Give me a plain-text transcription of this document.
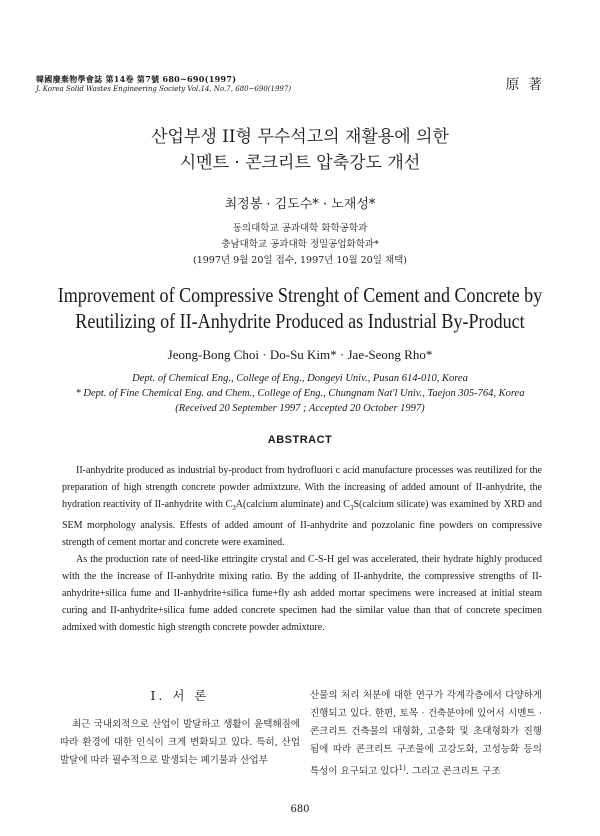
韓國廢棄物學會誌 第14卷 第7號 680~690(1997)
J. Korea Solid Wastes Engineering Society Vol.14, No.7, 680~690(1997)	原 著
산업부생 II형 무수석고의 재활용에 의한
시멘트 · 콘크리트 압축강도 개선
최정봉 · 김도수* · 노재성*
동의대학교 공과대학 화학공학과
충남대학교 공과대학 정밀공업화학과*
(1997년 9월 20일 접수, 1997년 10월 20일 채택)
Improvement of Compressive Strenght of Cement and Concrete by
Reutilizing of II-Anhydrite Produced as Industrial By-Product
Jeong-Bong Choi · Do-Su Kim* · Jae-Seong Rho*
Dept. of Chemical Eng., College of Eng., Dongeyi Univ., Pusan 614-010, Korea
* Dept. of Fine Chemical Eng. and Chem., College of Eng., Chungnam Nat'l Univ., Taejon 305-764, Korea
(Received 20 September 1997 ; Accepted 20 October 1997)
ABSTRACT

II-anhydrite produced as industrial by-product from hydrofluori c acid manufacture processes was reutilized for the preparation of high strength concrete powder admixtzure. With the increasing of added amount of II-anhydrite, the hydration reactivity of II-anhydrite with $C_3A(calcium$ aluminate) and $C_3S(calcium$ silicate) was examined by XRD and SEM morphology analysis. Effests of added amount of II-anhydrite and pozzolanic fine powders on compressive strength of cement mortar and concrete were examined.

As the production rate of need-like ettringite crystal and C-S-H gel was accelerated, their hydrate highly produced with the the increase of II-anhydrite mixing ratio. By the adding of II-anhydrite, the compressive strengths of II-anhydrite+silica fume and II-anhydrite+silica fume+fly ash added mortar specimens were increased at initial steam curing and II-anhydrite+silica fume added concrete specimen had the similar value than that of concrete specimen admixed with domestic high strength concrete powder admixture.

I. 서 론

최근 국내외적으로 산업이 발달하고 생활이 윤택해짐에 따라 환경에 대한 인식이 크게 변화되고 있다. 특히, 산업발달에 따라 필수적으로 발생되는 폐기물과 산업부

산물의 처리 처분에 대한 연구가 각계각층에서 다양하게 진행되고 있다. 한편, 토목 · 건축분야에 있어서 시멘트 · 콘크리트 건축물의 대형화, 고층화 및 초대형화가 진행됨에 따라 콘크리트 구조물에 고강도화, 고성능화 등의 특성이 요구되고 있다$^{1)}$. 그리고 콘크리트 구조

680
